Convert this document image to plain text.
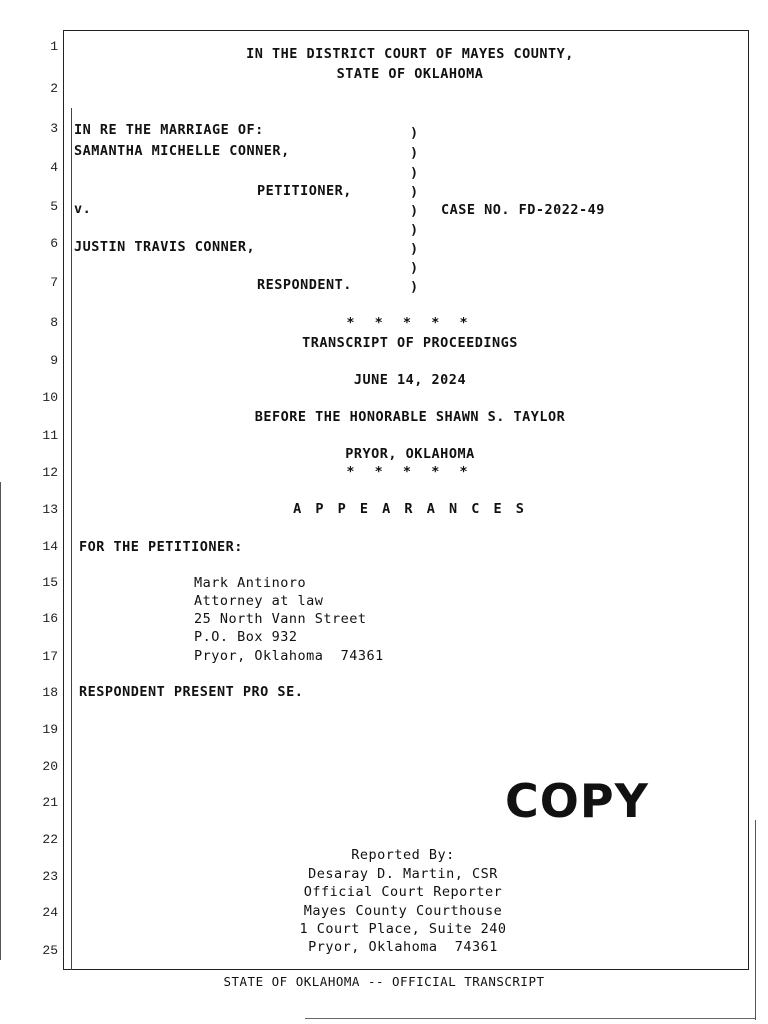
1
2
3
4
5
6
7
8
9
10
11
12
13
14
15
16
17
18
19
20
21
22
23
24
25
IN THE DISTRICT COURT OF MAYES COUNTY,
STATE OF OKLAHOMA
IN RE THE MARRIAGE OF:
SAMANTHA MICHELLE CONNER,
PETITIONER,
v.	CASE NO. FD-2022-49
JUSTIN TRAVIS CONNER,
RESPONDENT.
)
)
)
)
)
)
)
)
)
* * * * *
TRANSCRIPT OF PROCEEDINGS
JUNE 14, 2024
BEFORE THE HONORABLE SHAWN S. TAYLOR
PRYOR, OKLAHOMA
* * * * *
A P P E A R A N C E S
FOR THE PETITIONER:
Mark Antinoro
Attorney at law
25 North Vann Street
P.O. Box 932
Pryor, Oklahoma  74361
RESPONDENT PRESENT PRO SE.
COPY
Reported By:
Desaray D. Martin, CSR
Official Court Reporter
Mayes County Courthouse
1 Court Place, Suite 240
Pryor, Oklahoma  74361
STATE OF OKLAHOMA -- OFFICIAL TRANSCRIPT
